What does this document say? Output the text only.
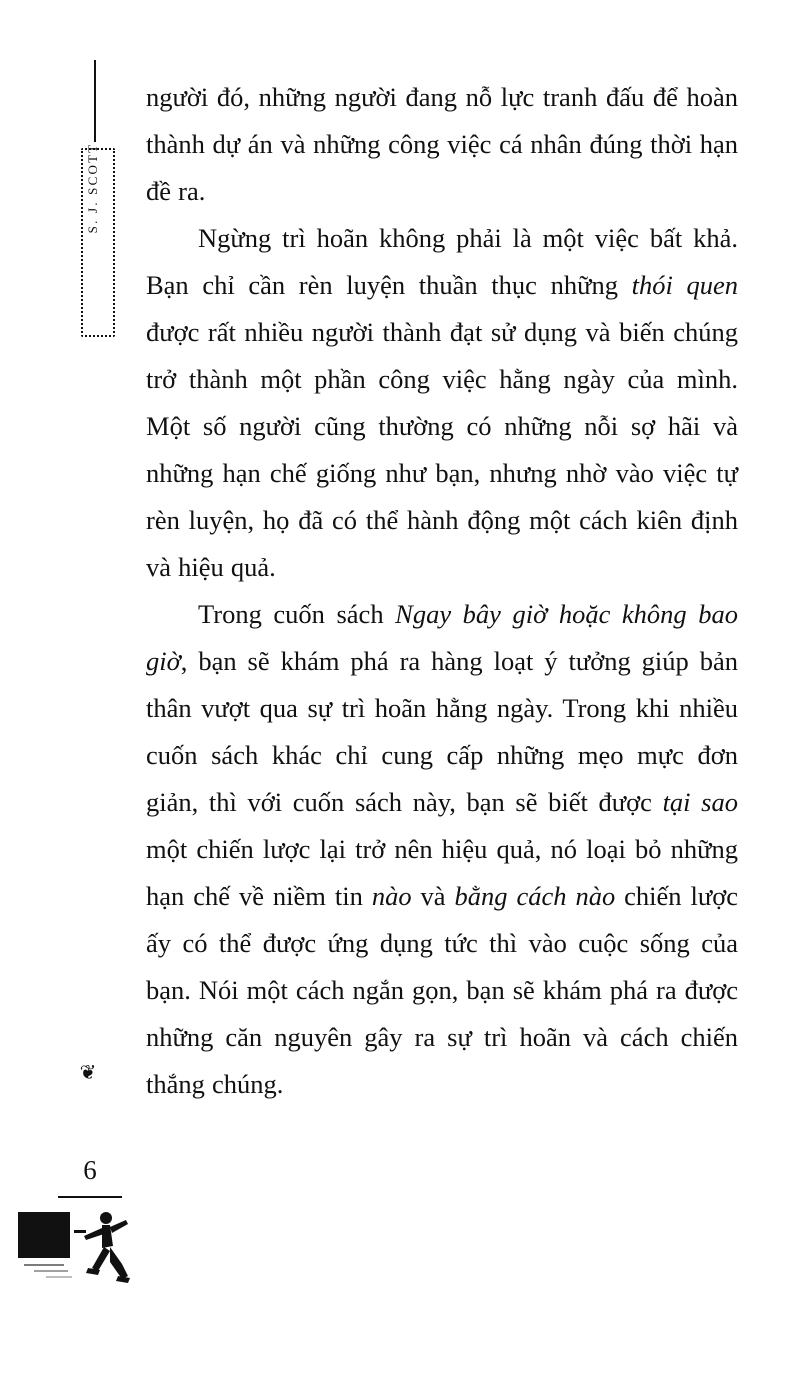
S. J. SCOTT
người đó, những người đang nỗ lực tranh đấu để hoàn thành dự án và những công việc cá nhân đúng thời hạn đề ra.
Ngừng trì hoãn không phải là một việc bất khả. Bạn chỉ cần rèn luyện thuần thục những thói quen được rất nhiều người thành đạt sử dụng và biến chúng trở thành một phần công việc hằng ngày của mình. Một số người cũng thường có những nỗi sợ hãi và những hạn chế giống như bạn, nhưng nhờ vào việc tự rèn luyện, họ đã có thể hành động một cách kiên định và hiệu quả.
Trong cuốn sách Ngay bây giờ hoặc không bao giờ, bạn sẽ khám phá ra hàng loạt ý tưởng giúp bản thân vượt qua sự trì hoãn hằng ngày. Trong khi nhiều cuốn sách khác chỉ cung cấp những mẹo mực đơn giản, thì với cuốn sách này, bạn sẽ biết được tại sao một chiến lược lại trở nên hiệu quả, nó loại bỏ những hạn chế về niềm tin nào và bằng cách nào chiến lược ấy có thể được ứng dụng tức thì vào cuộc sống của bạn. Nói một cách ngắn gọn, bạn sẽ khám phá ra được những căn nguyên gây ra sự trì hoãn và cách chiến thắng chúng.
❦
6
